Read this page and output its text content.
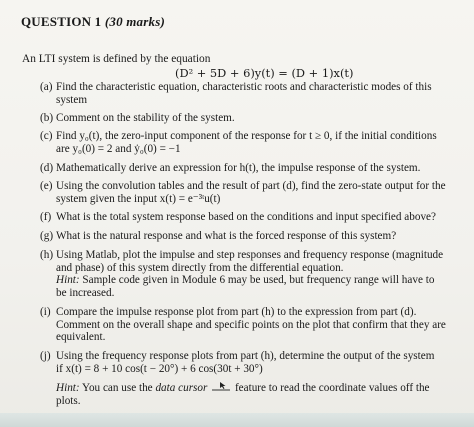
QUESTION 1 (30 marks)
An LTI system is defined by the equation
(D² + 5D + 6)y(t) = (D + 1)x(t)
(a) Find the characteristic equation, characteristic roots and characteristic modes of this
system
(b) Comment on the stability of the system.
(c) Find y₀(t), the zero-input component of the response for t ≥ 0, if the initial conditions
are y₀(0) = 2 and ẏ₀(0) = −1
(d) Mathematically derive an expression for h(t), the impulse response of the system.
(e) Using the convolution tables and the result of part (d), find the zero-state output for the
system given the input x(t) = e⁻³ᵗu(t)
(f) What is the total system response based on the conditions and input specified above?
(g) What is the natural response and what is the forced response of this system?
(h) Using Matlab, plot the impulse and step responses and frequency response (magnitude
and phase) of this system directly from the differential equation.
Hint: Sample code given in Module 6 may be used, but frequency range will have to
be increased.
(i) Compare the impulse response plot from part (h) to the expression from part (d).
Comment on the overall shape and specific points on the plot that confirm that they are
equivalent.
(j) Using the frequency response plots from part (h), determine the output of the system
if x(t) = 8 + 10 cos(t − 20°) + 6 cos(30t + 30°)
Hint: You can use the data cursor
feature to read the coordinate values off the
plots.
